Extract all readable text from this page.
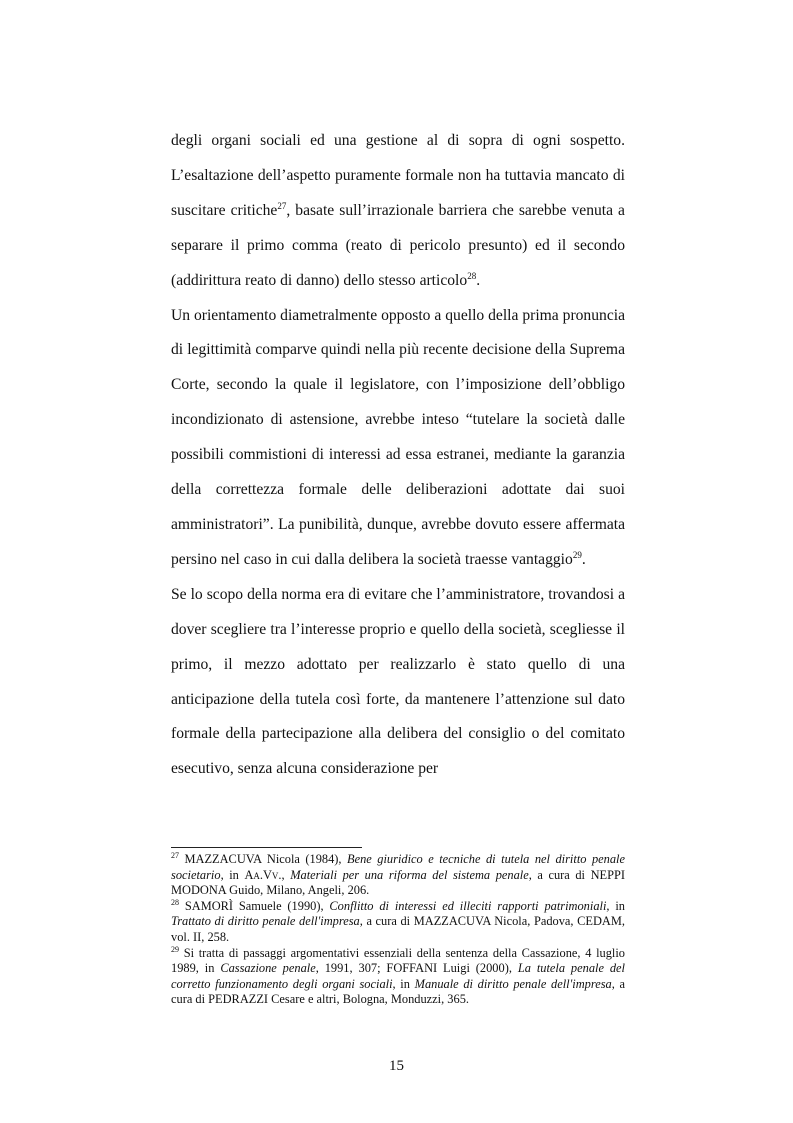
degli organi sociali ed una gestione al di sopra di ogni sospetto. L’esaltazione dell’aspetto puramente formale non ha tuttavia mancato di suscitare critiche$^{27}$, basate sull’irrazionale barriera che sarebbe venuta a separare il primo comma (reato di pericolo presunto) ed il secondo (addirittura reato di danno) dello stesso articolo$^{28}$.

Un orientamento diametralmente opposto a quello della prima pronuncia di legittimità comparve quindi nella più recente decisione della Suprema Corte, secondo la quale il legislatore, con l’imposizione dell’obbligo incondizionato di astensione, avrebbe inteso “tutelare la società dalle possibili commistioni di interessi ad essa estranei, mediante la garanzia della correttezza formale delle deliberazioni adottate dai suoi amministratori”. La punibilità, dunque, avrebbe dovuto essere affermata persino nel caso in cui dalla delibera la società traesse vantaggio$^{29}$.

Se lo scopo della norma era di evitare che l’amministratore, trovandosi a dover scegliere tra l’interesse proprio e quello della società, scegliesse il primo, il mezzo adottato per realizzarlo è stato quello di una anticipazione della tutela così forte, da mantenere l’attenzione sul dato formale della partecipazione alla delibera del consiglio o del comitato esecutivo, senza alcuna considerazione per

$^{27}$ MAZZACUVA Nicola (1984), Bene giuridico e tecniche di tutela nel diritto penale societario, in Aa.Vv., Materiali per una riforma del sistema penale, a cura di NEPPI MODONA Guido, Milano, Angeli, 206.

$^{28}$ SAMORÌ Samuele (1990), Conflitto di interessi ed illeciti rapporti patrimoniali, in Trattato di diritto penale dell'impresa, a cura di MAZZACUVA Nicola, Padova, CEDAM, vol. II, 258.

$^{29}$ Si tratta di passaggi argomentativi essenziali della sentenza della Cassazione, 4 luglio 1989, in Cassazione penale, 1991, 307; FOFFANI Luigi (2000), La tutela penale del corretto funzionamento degli organi sociali, in Manuale di diritto penale dell'impresa, a cura di PEDRAZZI Cesare e altri, Bologna, Monduzzi, 365.

15
